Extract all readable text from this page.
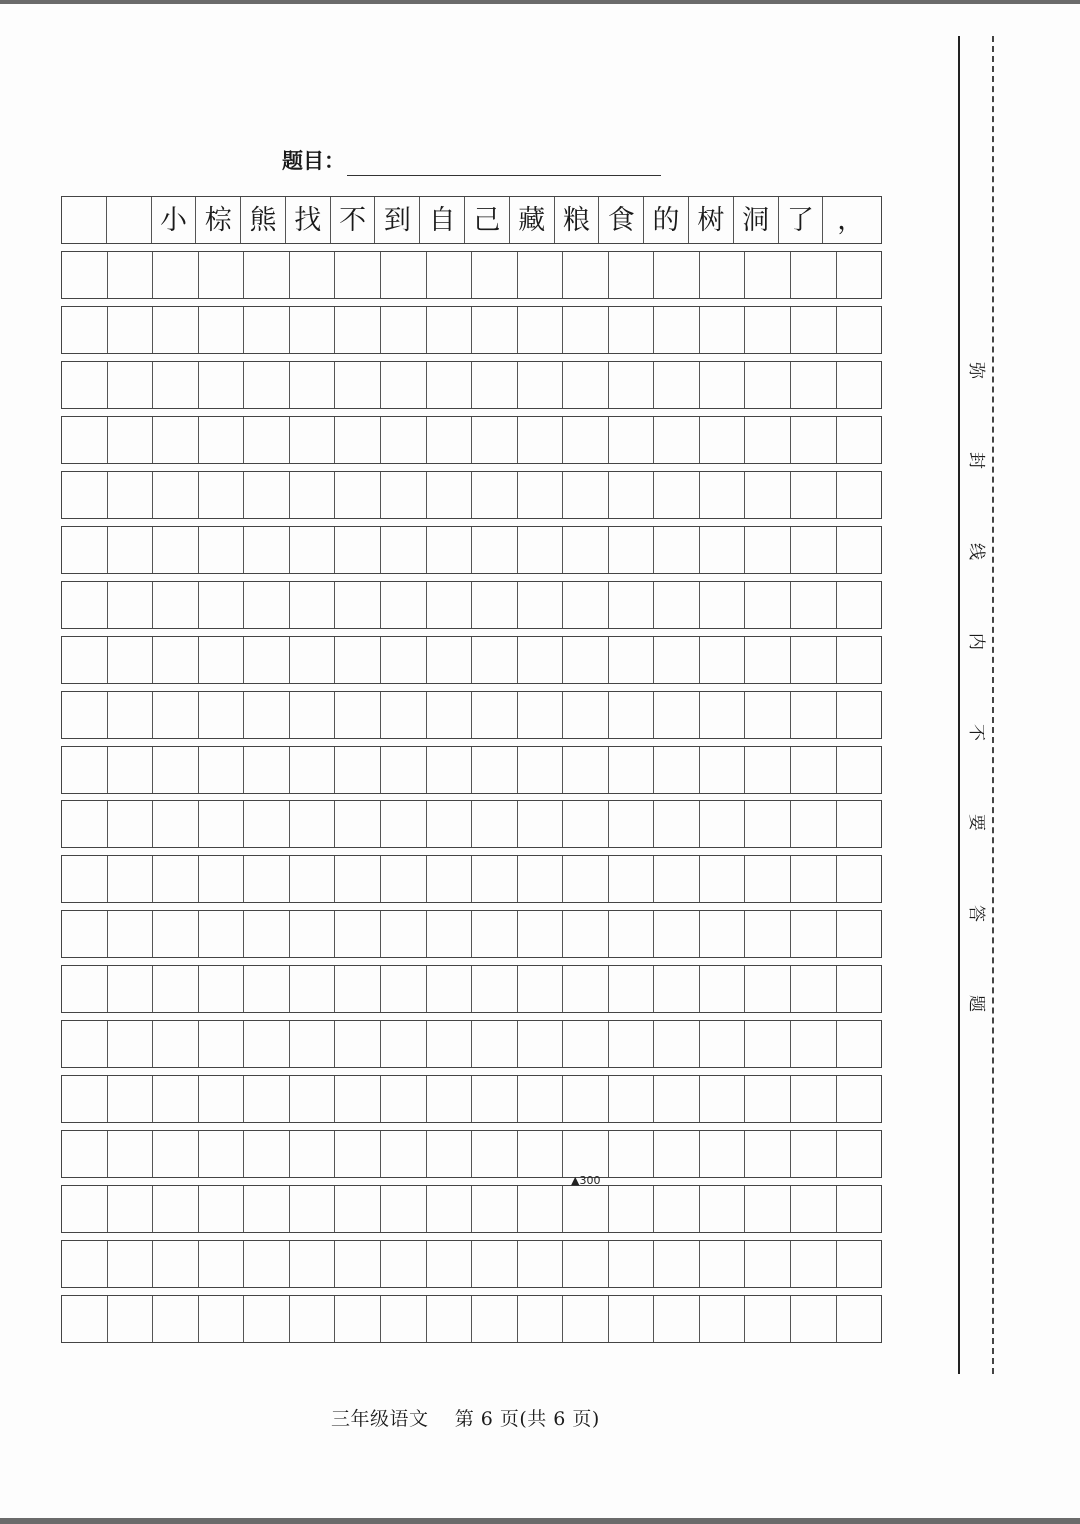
题目：
小 棕 熊 找 不 到 自 己 藏 粮 食 的 树 洞 了 ，
▲300
三年级语文 第 6 页(共 6 页)
弥
封
线
内
不
要
答
题
